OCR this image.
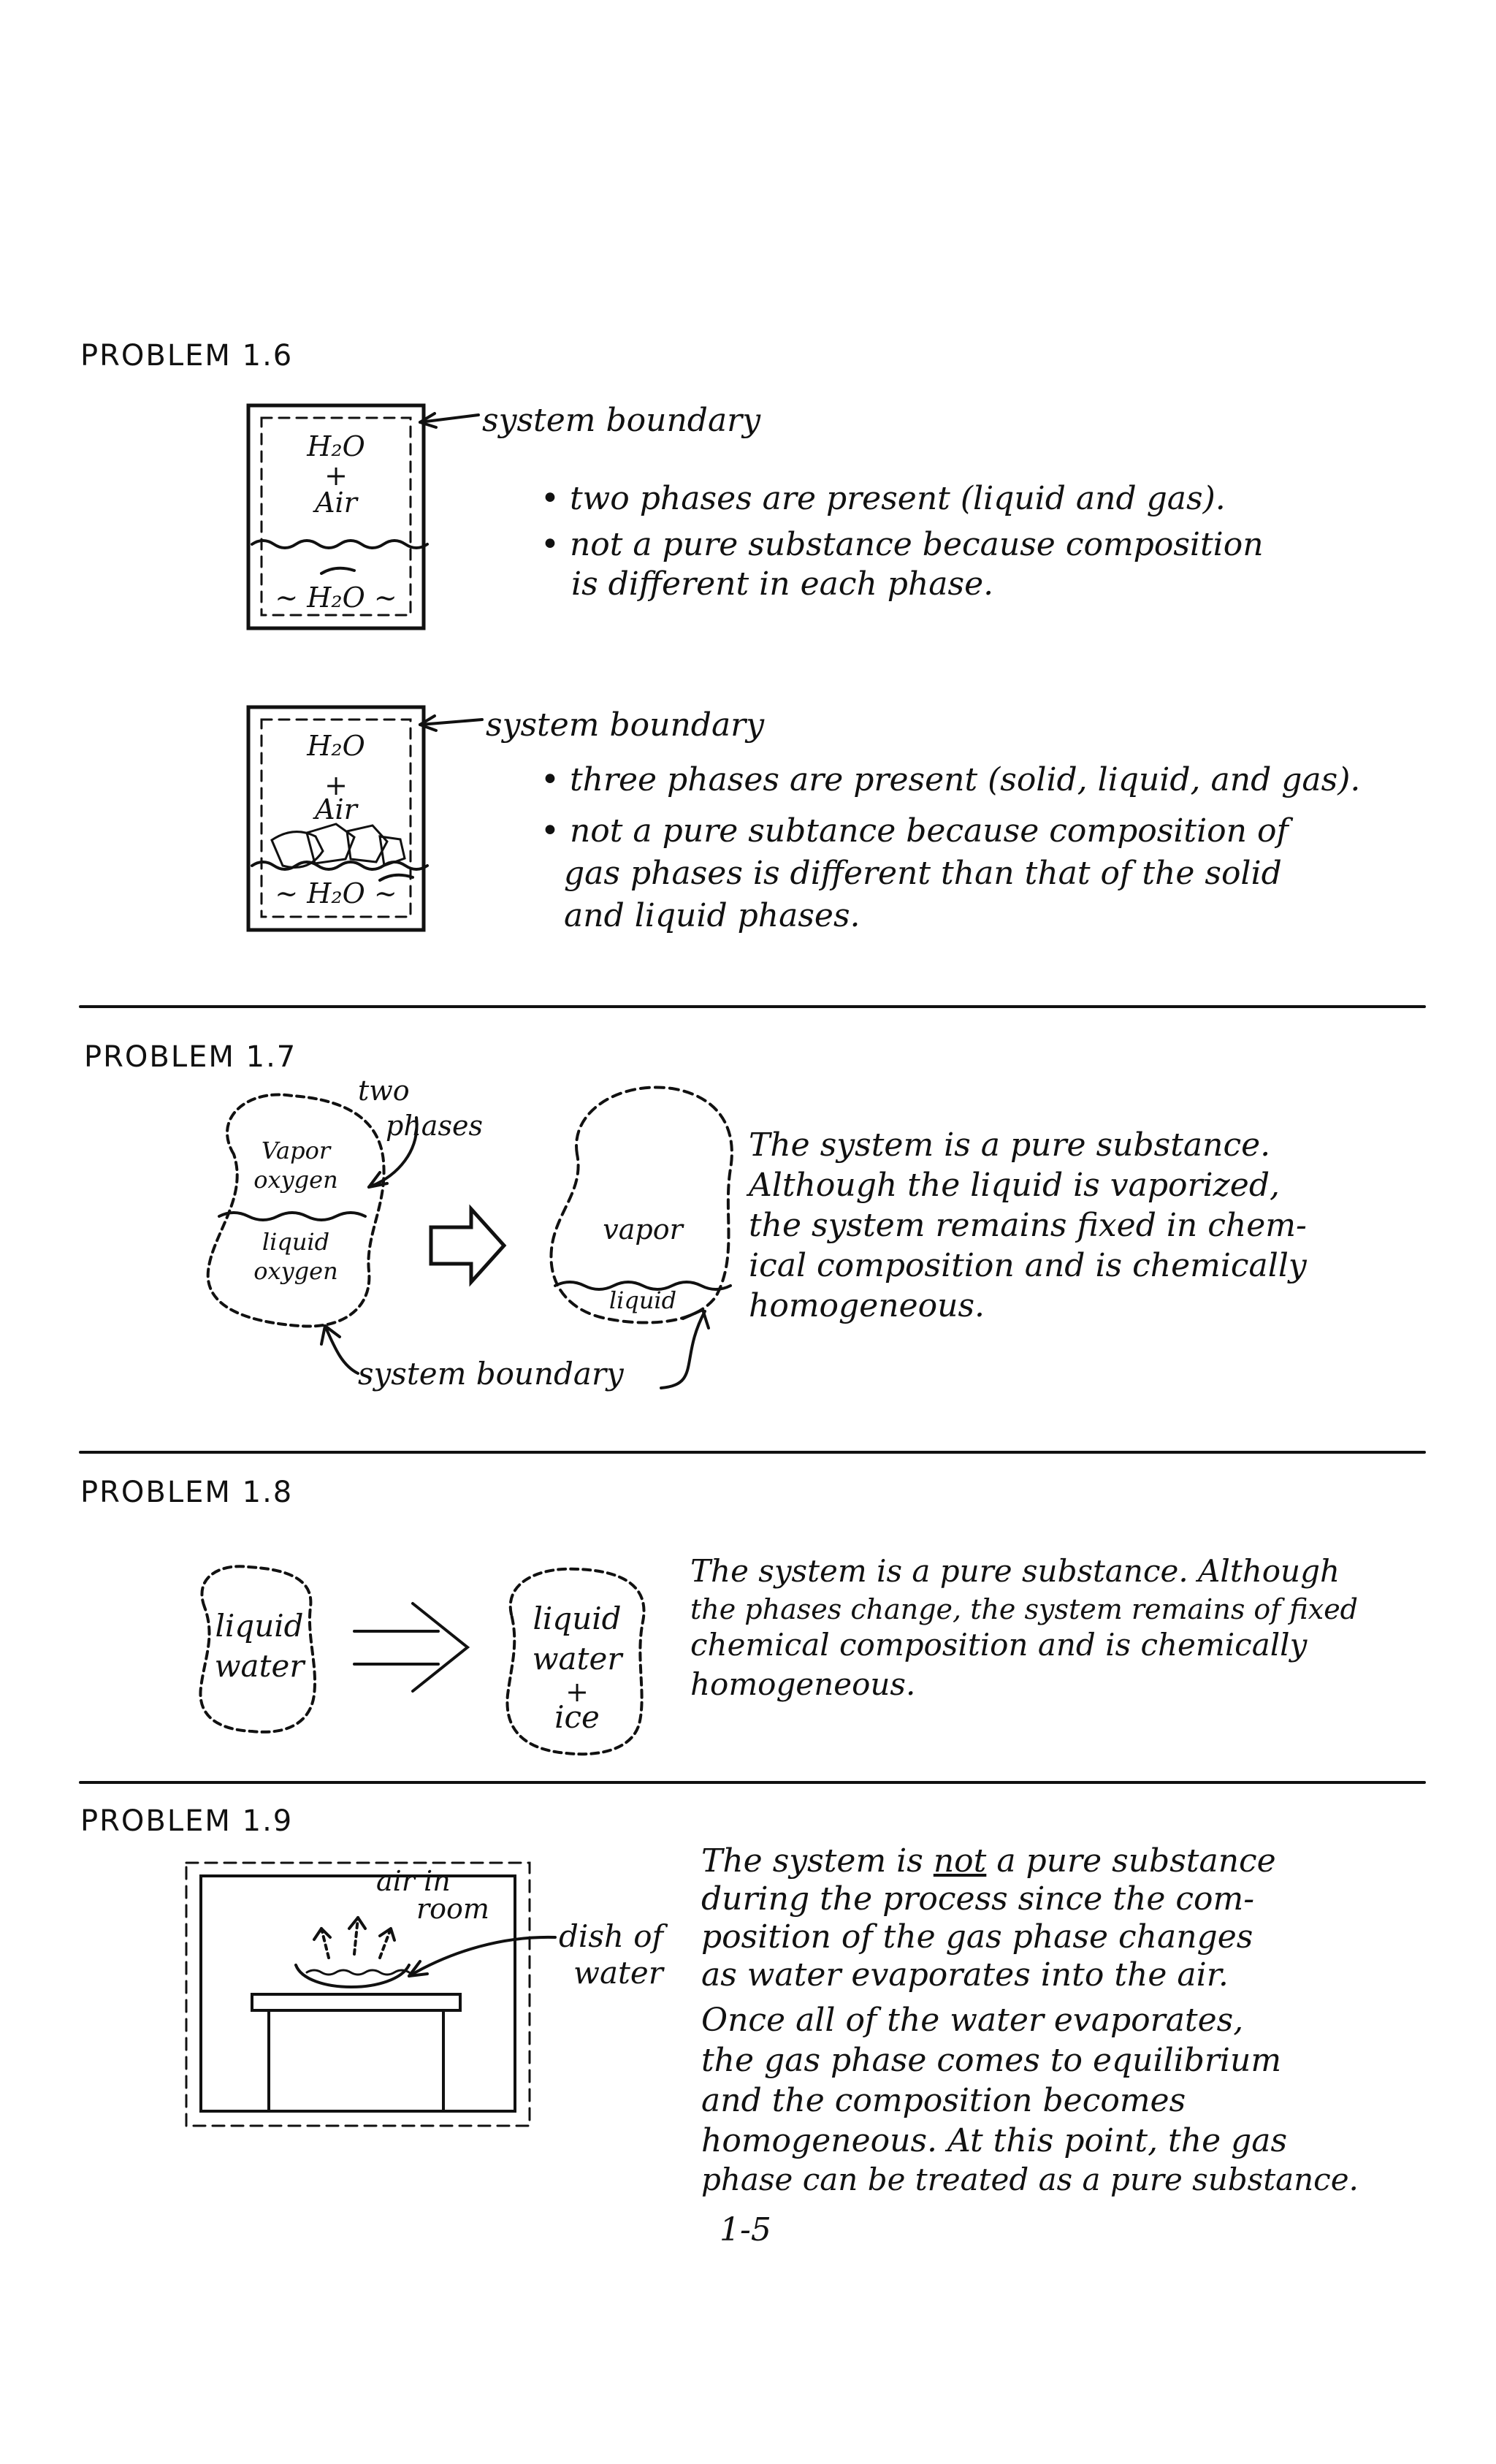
PROBLEM 1.6
H₂O
+
Air
~ H₂O ~
system boundary
• two phases are present (liquid and gas).
• not a pure substance because composition
is different in each phase.
H₂O
+
Air
~ H₂O ~
system boundary
• three phases are present (solid, liquid, and gas).
• not a pure subtance because composition of
gas phases is different than that of the solid
and liquid phases.
PROBLEM 1.7
two
phases
Vapor
oxygen
liquid
oxygen
vapor
liquid
system boundary
The system is a pure substance.
Although the liquid is vaporized,
the system remains fixed in chem-
ical composition and is chemically
homogeneous.
PROBLEM 1.8
liquid
water
liquid
water
+
ice
The system is a pure substance. Although
the phases change, the system remains of fixed
chemical composition and is chemically
homogeneous.
PROBLEM 1.9
air in
room
dish of
water
The system is not a pure substance
during the process since the com-
position of the gas phase changes
as water evaporates into the air.
Once all of the water evaporates,
the gas phase comes to equilibrium
and the composition becomes
homogeneous. At this point, the gas
phase can be treated as a pure substance.
1-5
